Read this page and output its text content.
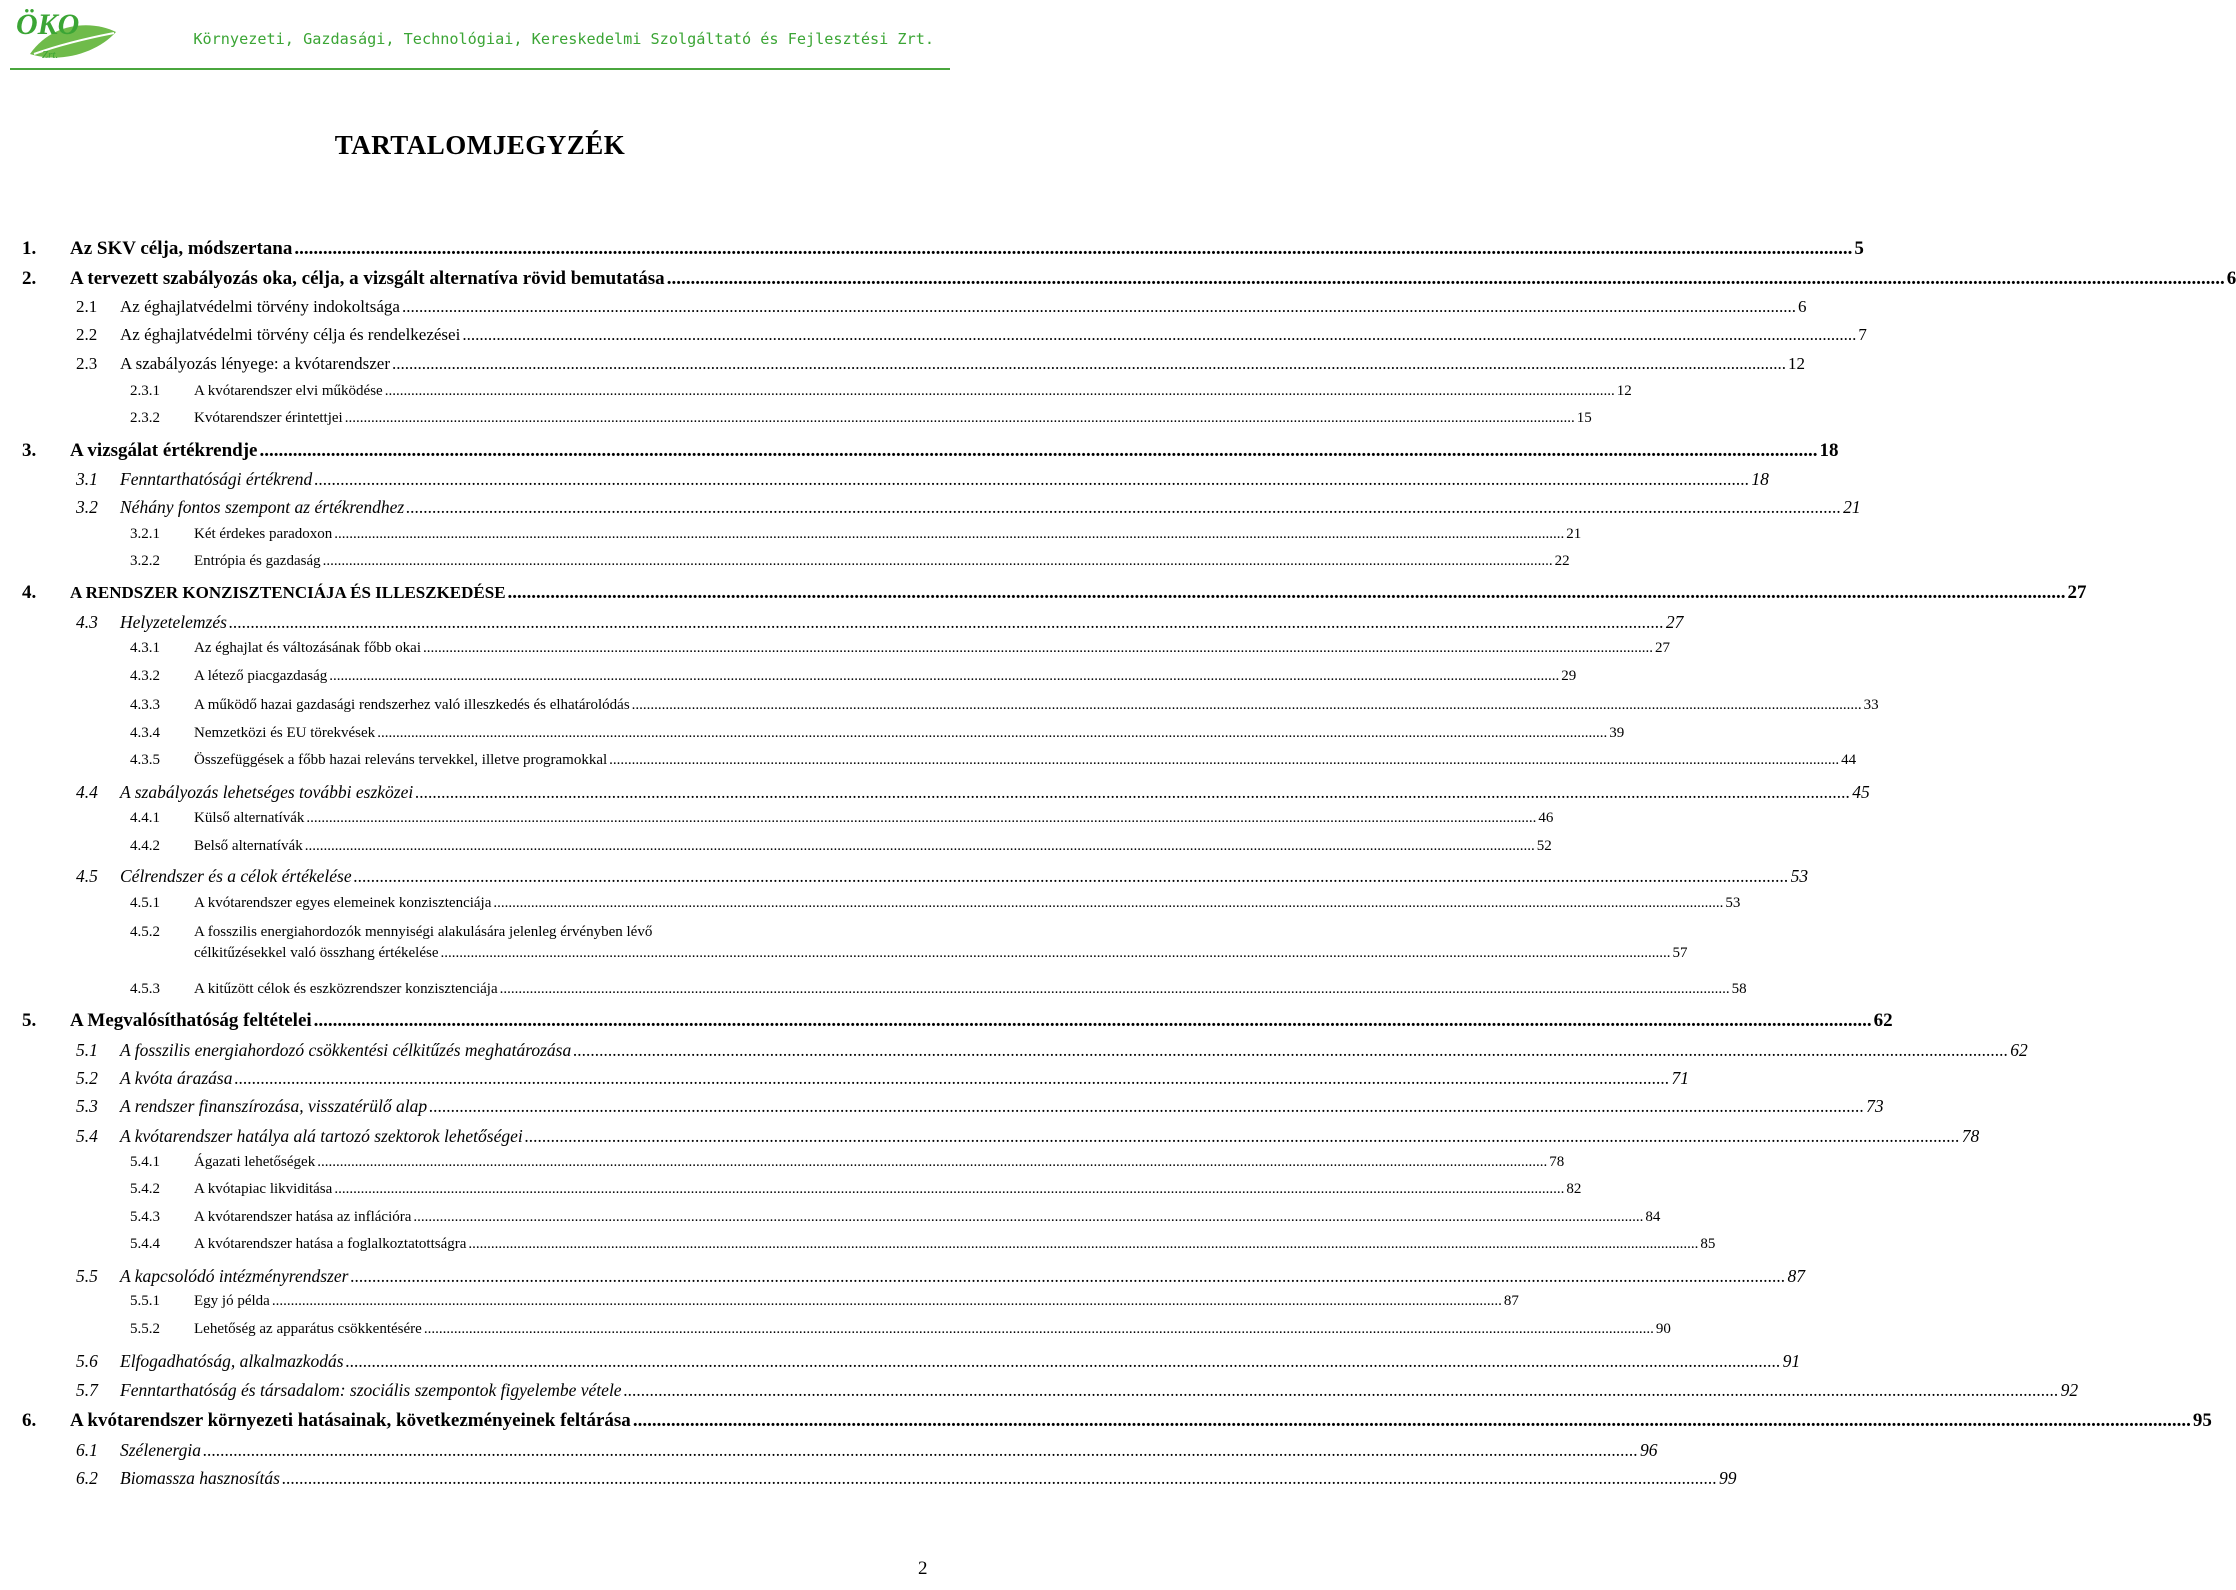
ÖKO
Zrt.
Környezeti, Gazdasági, Technológiai, Kereskedelmi Szolgáltató és Fejlesztési Zrt.
TARTALOMJEGYZÉK
1.	Az SKV célja, módszertana .....	5
2.	A tervezett szabályozás oka, célja, a vizsgált alternatíva rövid bemutatása .....	6
2.1	Az éghajlatvédelmi törvény indokoltsága .....	6
2.2	Az éghajlatvédelmi törvény célja és rendelkezései .....	7
2.3	A szabályozás lényege: a kvótarendszer .....	12
2.3.1	A kvótarendszer elvi működése .....	12
2.3.2	Kvótarendszer érintettjei .....	15
3.	A vizsgálat értékrendje .....	18
3.1	Fenntarthatósági értékrend .....	18
3.2	Néhány fontos szempont az értékrendhez .....	21
3.2.1	Két érdekes paradoxon .....	21
3.2.2	Entrópia és gazdaság .....	22
4.	A RENDSZER KONZISZTENCIÁJA ÉS ILLESZKEDÉSE .....	27
4.3	Helyzetelemzés .....	27
4.3.1	Az éghajlat és változásának főbb okai .....	27
4.3.2	A létező piacgazdaság .....	29
4.3.3	A működő hazai gazdasági rendszerhez való illeszkedés és elhatárolódás .....	33
4.3.4	Nemzetközi és EU törekvések .....	39
4.3.5	Összefüggések a főbb hazai releváns tervekkel, illetve programokkal .....	44
4.4	A szabályozás lehetséges további eszközei .....	45
4.4.1	Külső alternatívák .....	46
4.4.2	Belső alternatívák .....	52
4.5	Célrendszer és a célok értékelése .....	53
4.5.1	A kvótarendszer egyes elemeinek konzisztenciája .....	53
4.5.2	A fosszilis energiahordozók mennyiségi alakulására jelenleg érvényben lévő
célkitűzésekkel való összhang értékelése .....	57
4.5.3	A kitűzött célok és eszközrendszer konzisztenciája .....	58
5.	A Megvalósíthatóság feltételei .....	62
5.1	A fosszilis energiahordozó csökkentési célkitűzés meghatározása .....	62
5.2	A kvóta árazása .....	71
5.3	A rendszer finanszírozása, visszatérülő alap .....	73
5.4	A kvótarendszer hatálya alá tartozó szektorok lehetőségei .....	78
5.4.1	Ágazati lehetőségek .....	78
5.4.2	A kvótapiac likviditása .....	82
5.4.3	A kvótarendszer hatása az inflációra .....	84
5.4.4	A kvótarendszer hatása a foglalkoztatottságra .....	85
5.5	A kapcsolódó intézményrendszer .....	87
5.5.1	Egy jó példa .....	87
5.5.2	Lehetőség az apparátus csökkentésére .....	90
5.6	Elfogadhatóság, alkalmazkodás .....	91
5.7	Fenntarthatóság és társadalom: szociális szempontok figyelembe vétele .....	92
6.	A kvótarendszer környezeti hatásainak, következményeinek feltárása .....	95
6.1	Szélenergia .....	96
6.2	Biomassza hasznosítás .....	99
2
